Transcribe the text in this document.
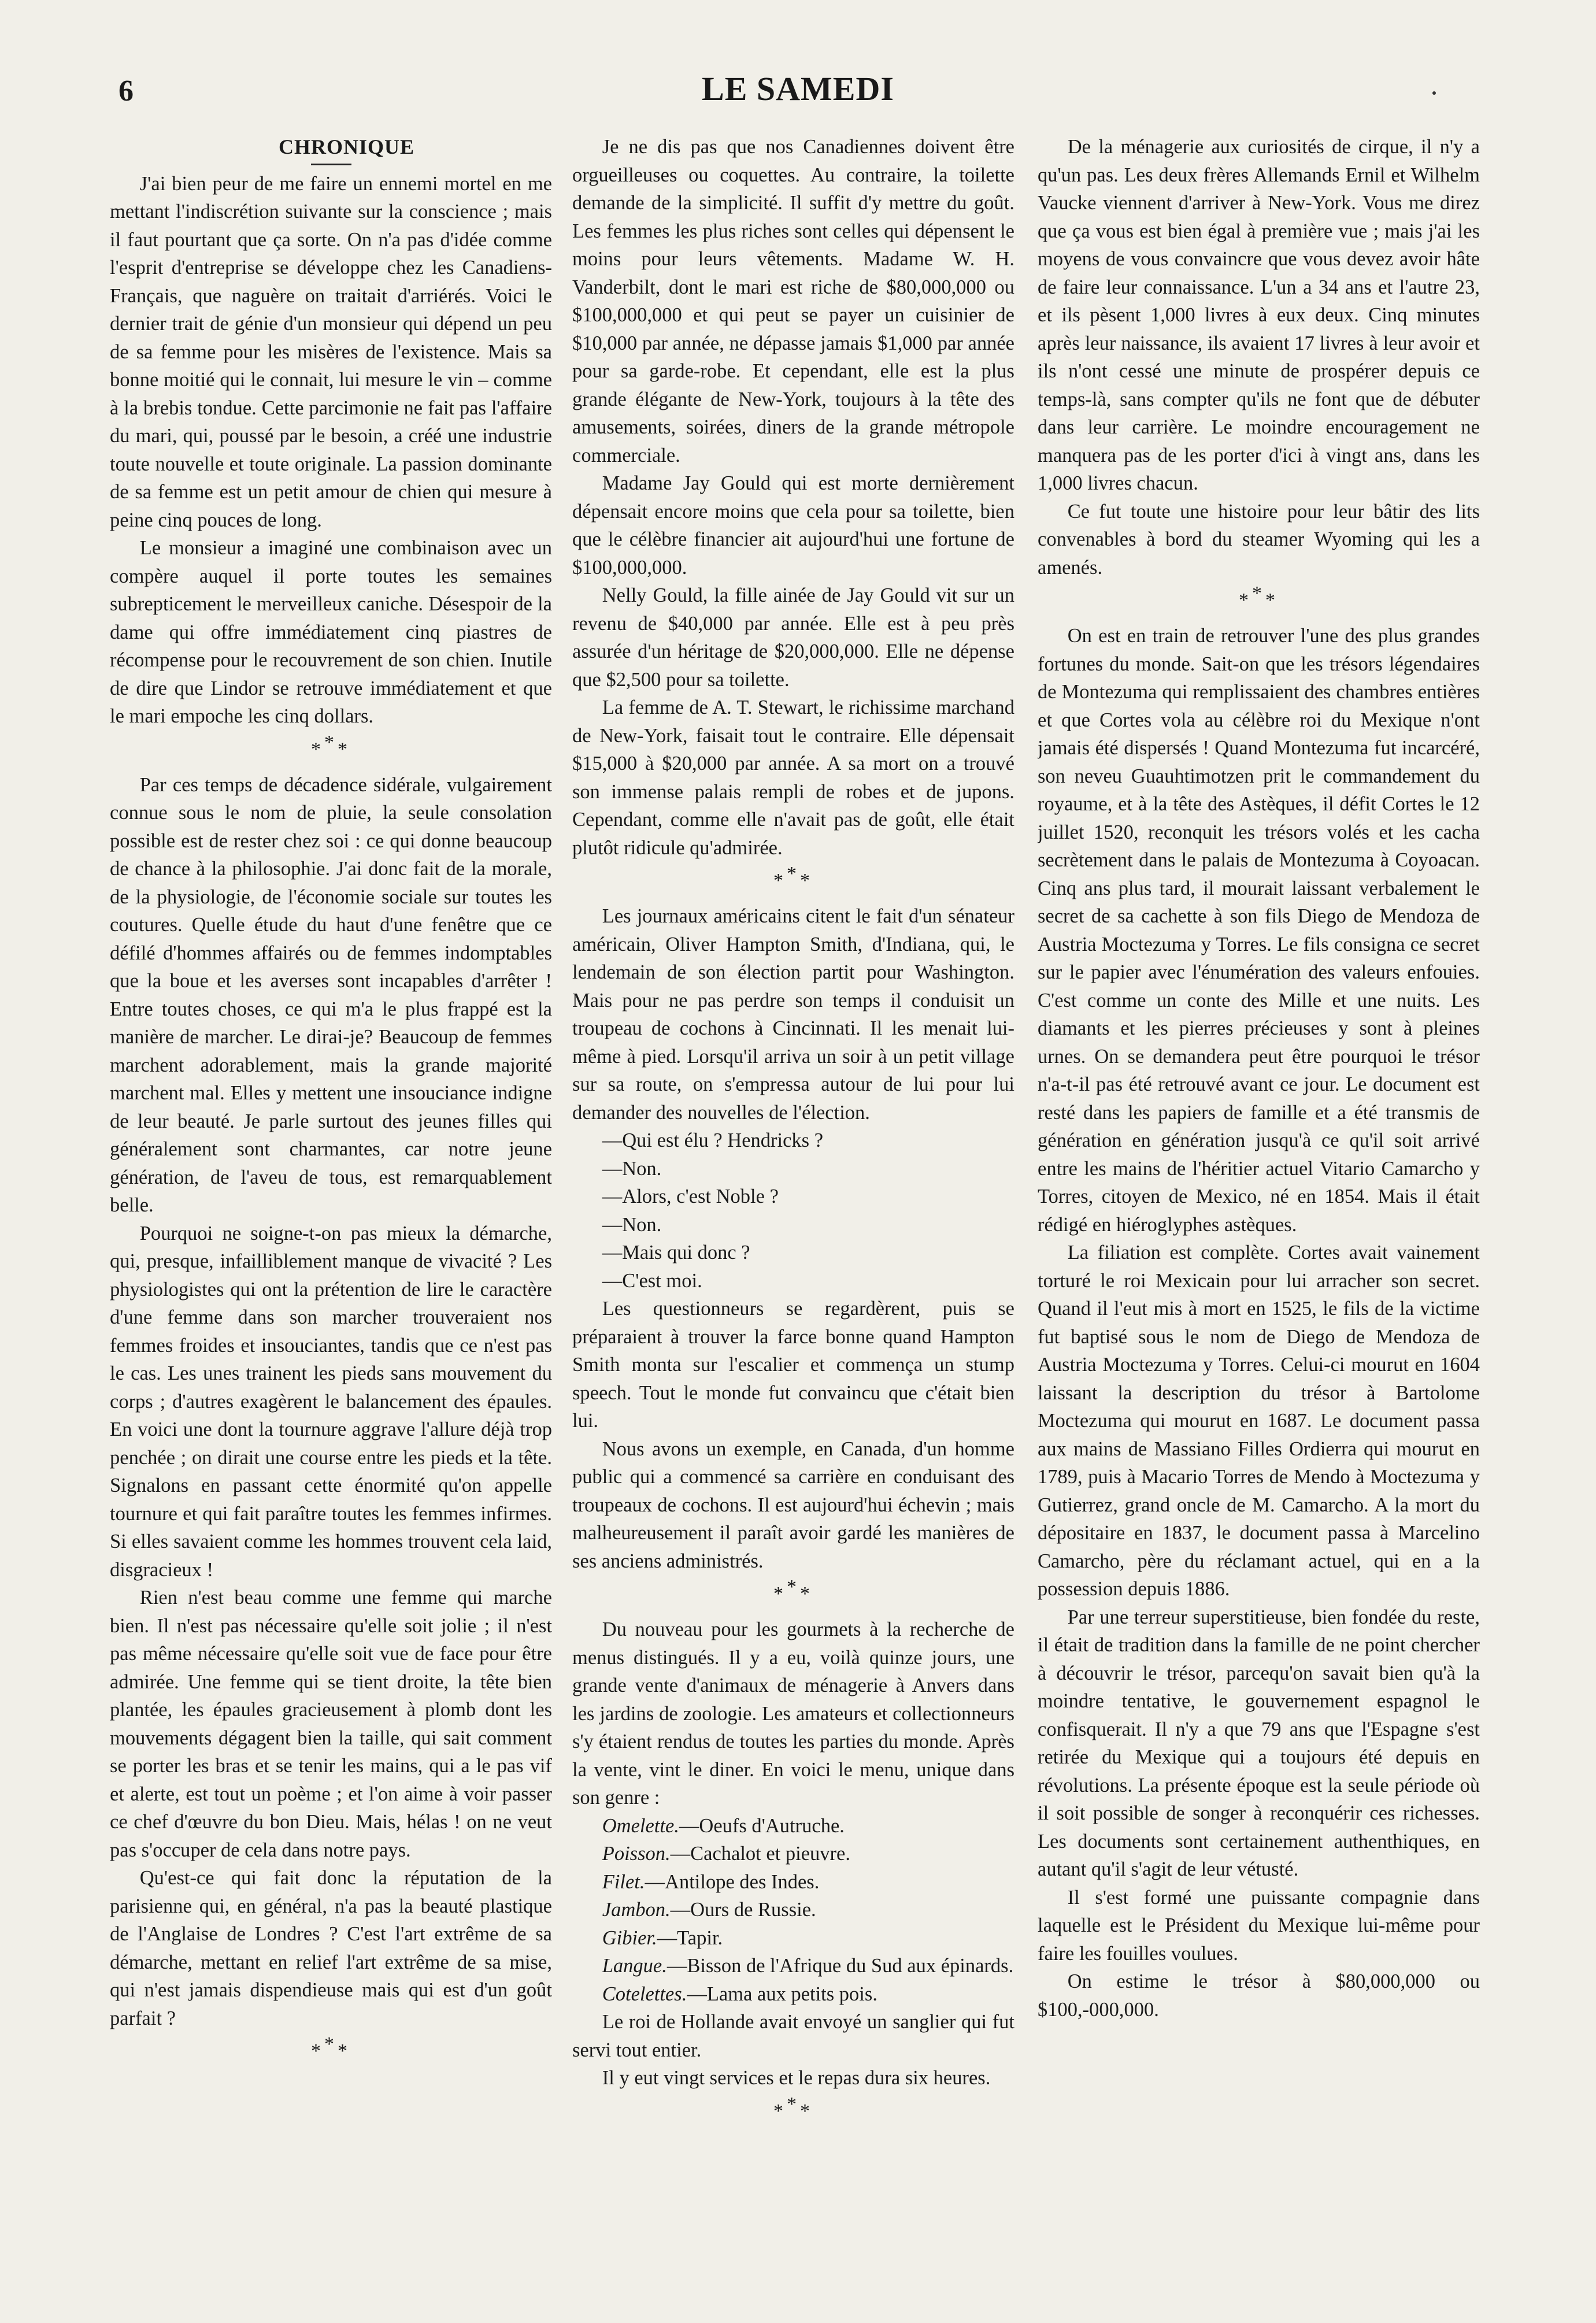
6	LE SAMEDI

CHRONIQUE

J'ai bien peur de me faire un ennemi mortel en me mettant l'indiscrétion suivante sur la conscience ; mais il faut pourtant que ça sorte. On n'a pas d'idée comme l'esprit d'entreprise se développe chez les Canadiens-Français, que naguère on traitait d'arriérés. Voici le dernier trait de génie d'un monsieur qui dépend un peu de sa femme pour les misères de l'existence. Mais sa bonne moitié qui le connait, lui mesure le vin – comme à la brebis tondue. Cette parcimonie ne fait pas l'affaire du mari, qui, poussé par le besoin, a créé une industrie toute nouvelle et toute originale. La passion dominante de sa femme est un petit amour de chien qui mesure à peine cinq pouces de long.

Le monsieur a imaginé une combinaison avec un compère auquel il porte toutes les semaines subrepticement le merveilleux caniche. Désespoir de la dame qui offre immédiatement cinq piastres de récompense pour le recouvrement de son chien. Inutile de dire que Lindor se retrouve immédiatement et que le mari empoche les cinq dollars.

***

Par ces temps de décadence sidérale, vulgairement connue sous le nom de pluie, la seule consolation possible est de rester chez soi : ce qui donne beaucoup de chance à la philosophie. J'ai donc fait de la morale, de la physiologie, de l'économie sociale sur toutes les coutures. Quelle étude du haut d'une fenêtre que ce défilé d'hommes affairés ou de femmes indomptables que la boue et les averses sont incapables d'arrêter ! Entre toutes choses, ce qui m'a le plus frappé est la manière de marcher. Le dirai-je? Beaucoup de femmes marchent adorablement, mais la grande majorité marchent mal. Elles y mettent une insouciance indigne de leur beauté. Je parle surtout des jeunes filles qui généralement sont charmantes, car notre jeune génération, de l'aveu de tous, est remarquablement belle.

Pourquoi ne soigne-t-on pas mieux la démarche, qui, presque, infailliblement manque de vivacité ? Les physiologistes qui ont la prétention de lire le caractère d'une femme dans son marcher trouveraient nos femmes froides et insouciantes, tandis que ce n'est pas le cas. Les unes trainent les pieds sans mouvement du corps ; d'autres exagèrent le balancement des épaules. En voici une dont la tournure aggrave l'allure déjà trop penchée ; on dirait une course entre les pieds et la tête. Signalons en passant cette énormité qu'on appelle tournure et qui fait paraître toutes les femmes infirmes. Si elles savaient comme les hommes trouvent cela laid, disgracieux !

Rien n'est beau comme une femme qui marche bien. Il n'est pas nécessaire qu'elle soit jolie ; il n'est pas même nécessaire qu'elle soit vue de face pour être admirée. Une femme qui se tient droite, la tête bien plantée, les épaules gracieusement à plomb dont les mouvements dégagent bien la taille, qui sait comment se porter les bras et se tenir les mains, qui a le pas vif et alerte, est tout un poème ; et l'on aime à voir passer ce chef d'œuvre du bon Dieu. Mais, hélas ! on ne veut pas s'occuper de cela dans notre pays.

Qu'est-ce qui fait donc la réputation de la parisienne qui, en général, n'a pas la beauté plastique de l'Anglaise de Londres ? C'est l'art extrême de sa démarche, mettant en relief l'art extrême de sa mise, qui n'est jamais dispendieuse mais qui est d'un goût parfait ?

***

Je ne dis pas que nos Canadiennes doivent être orgueilleuses ou coquettes. Au contraire, la toilette demande de la simplicité. Il suffit d'y mettre du goût. Les femmes les plus riches sont celles qui dépensent le moins pour leurs vêtements. Madame W. H. Vanderbilt, dont le mari est riche de $80,000,000 ou $100,000,000 et qui peut se payer un cuisinier de $10,000 par année, ne dépasse jamais $1,000 par année pour sa garde-robe. Et cependant, elle est la plus grande élégante de New-York, toujours à la tête des amusements, soirées, diners de la grande métropole commerciale.

Madame Jay Gould qui est morte dernièrement dépensait encore moins que cela pour sa toilette, bien que le célèbre financier ait aujourd'hui une fortune de $100,000,000.

Nelly Gould, la fille ainée de Jay Gould vit sur un revenu de $40,000 par année. Elle est à peu près assurée d'un héritage de $20,000,000. Elle ne dépense que $2,500 pour sa toilette.

La femme de A. T. Stewart, le richissime marchand de New-York, faisait tout le contraire. Elle dépensait $15,000 à $20,000 par année. A sa mort on a trouvé son immense palais rempli de robes et de jupons. Cependant, comme elle n'avait pas de goût, elle était plutôt ridicule qu'admirée.

***

Les journaux américains citent le fait d'un sénateur américain, Oliver Hampton Smith, d'Indiana, qui, le lendemain de son élection partit pour Washington. Mais pour ne pas perdre son temps il conduisit un troupeau de cochons à Cincinnati. Il les menait lui-même à pied. Lorsqu'il arriva un soir à un petit village sur sa route, on s'empressa autour de lui pour lui demander des nouvelles de l'élection.

—Qui est élu ? Hendricks ?

—Non.

—Alors, c'est Noble ?

—Non.

—Mais qui donc ?

—C'est moi.

Les questionneurs se regardèrent, puis se préparaient à trouver la farce bonne quand Hampton Smith monta sur l'escalier et commença un stump speech. Tout le monde fut convaincu que c'était bien lui.

Nous avons un exemple, en Canada, d'un homme public qui a commencé sa carrière en conduisant des troupeaux de cochons. Il est aujourd'hui échevin ; mais malheureusement il paraît avoir gardé les manières de ses anciens administrés.

***

Du nouveau pour les gourmets à la recherche de menus distingués. Il y a eu, voilà quinze jours, une grande vente d'animaux de ménagerie à Anvers dans les jardins de zoologie. Les amateurs et collectionneurs s'y étaient rendus de toutes les parties du monde. Après la vente, vint le diner. En voici le menu, unique dans son genre :

Omelette.—Oeufs d'Autruche.

Poisson.—Cachalot et pieuvre.

Filet.—Antilope des Indes.

Jambon.—Ours de Russie.

Gibier.—Tapir.

Langue.—Bisson de l'Afrique du Sud aux épinards.

Cotelettes.—Lama aux petits pois.

Le roi de Hollande avait envoyé un sanglier qui fut servi tout entier.

Il y eut vingt services et le repas dura six heures.

***

De la ménagerie aux curiosités de cirque, il n'y a qu'un pas. Les deux frères Allemands Ernil et Wilhelm Vaucke viennent d'arriver à New-York. Vous me direz que ça vous est bien égal à première vue ; mais j'ai les moyens de vous convaincre que vous devez avoir hâte de faire leur connaissance. L'un a 34 ans et l'autre 23, et ils pèsent 1,000 livres à eux deux. Cinq minutes après leur naissance, ils avaient 17 livres à leur avoir et ils n'ont cessé une minute de prospérer depuis ce temps-là, sans compter qu'ils ne font que de débuter dans leur carrière. Le moindre encouragement ne manquera pas de les porter d'ici à vingt ans, dans les 1,000 livres chacun.

Ce fut toute une histoire pour leur bâtir des lits convenables à bord du steamer Wyoming qui les a amenés.

***

On est en train de retrouver l'une des plus grandes fortunes du monde. Sait-on que les trésors légendaires de Montezuma qui remplissaient des chambres entières et que Cortes vola au célèbre roi du Mexique n'ont jamais été dispersés ! Quand Montezuma fut incarcéré, son neveu Guauhtimotzen prit le commandement du royaume, et à la tête des Astèques, il défit Cortes le 12 juillet 1520, reconquit les trésors volés et les cacha secrètement dans le palais de Montezuma à Coyoacan. Cinq ans plus tard, il mourait laissant verbalement le secret de sa cachette à son fils Diego de Mendoza de Austria Moctezuma y Torres. Le fils consigna ce secret sur le papier avec l'énumération des valeurs enfouies. C'est comme un conte des Mille et une nuits. Les diamants et les pierres précieuses y sont à pleines urnes. On se demandera peut être pourquoi le trésor n'a-t-il pas été retrouvé avant ce jour. Le document est resté dans les papiers de famille et a été transmis de génération en génération jusqu'à ce qu'il soit arrivé entre les mains de l'héritier actuel Vitario Camarcho y Torres, citoyen de Mexico, né en 1854. Mais il était rédigé en hiéroglyphes astèques.

La filiation est complète. Cortes avait vainement torturé le roi Mexicain pour lui arracher son secret. Quand il l'eut mis à mort en 1525, le fils de la victime fut baptisé sous le nom de Diego de Mendoza de Austria Moctezuma y Torres. Celui-ci mourut en 1604 laissant la description du trésor à Bartolome Moctezuma qui mourut en 1687. Le document passa aux mains de Massiano Filles Ordierra qui mourut en 1789, puis à Macario Torres de Mendo à Moctezuma y Gutierrez, grand oncle de M. Camarcho. A la mort du dépositaire en 1837, le document passa à Marcelino Camarcho, père du réclamant actuel, qui en a la possession depuis 1886.

Par une terreur superstitieuse, bien fondée du reste, il était de tradition dans la famille de ne point chercher à découvrir le trésor, parcequ'on savait bien qu'à la moindre tentative, le gouvernement espagnol le confisquerait. Il n'y a que 79 ans que l'Espagne s'est retirée du Mexique qui a toujours été depuis en révolutions. La présente époque est la seule période où il soit possible de songer à reconquérir ces richesses. Les documents sont certainement authenthiques, en autant qu'il s'agit de leur vétusté.

Il s'est formé une puissante compagnie dans laquelle est le Président du Mexique lui-même pour faire les fouilles voulues.

On estime le trésor à $80,000,000 ou $100,-000,000.
